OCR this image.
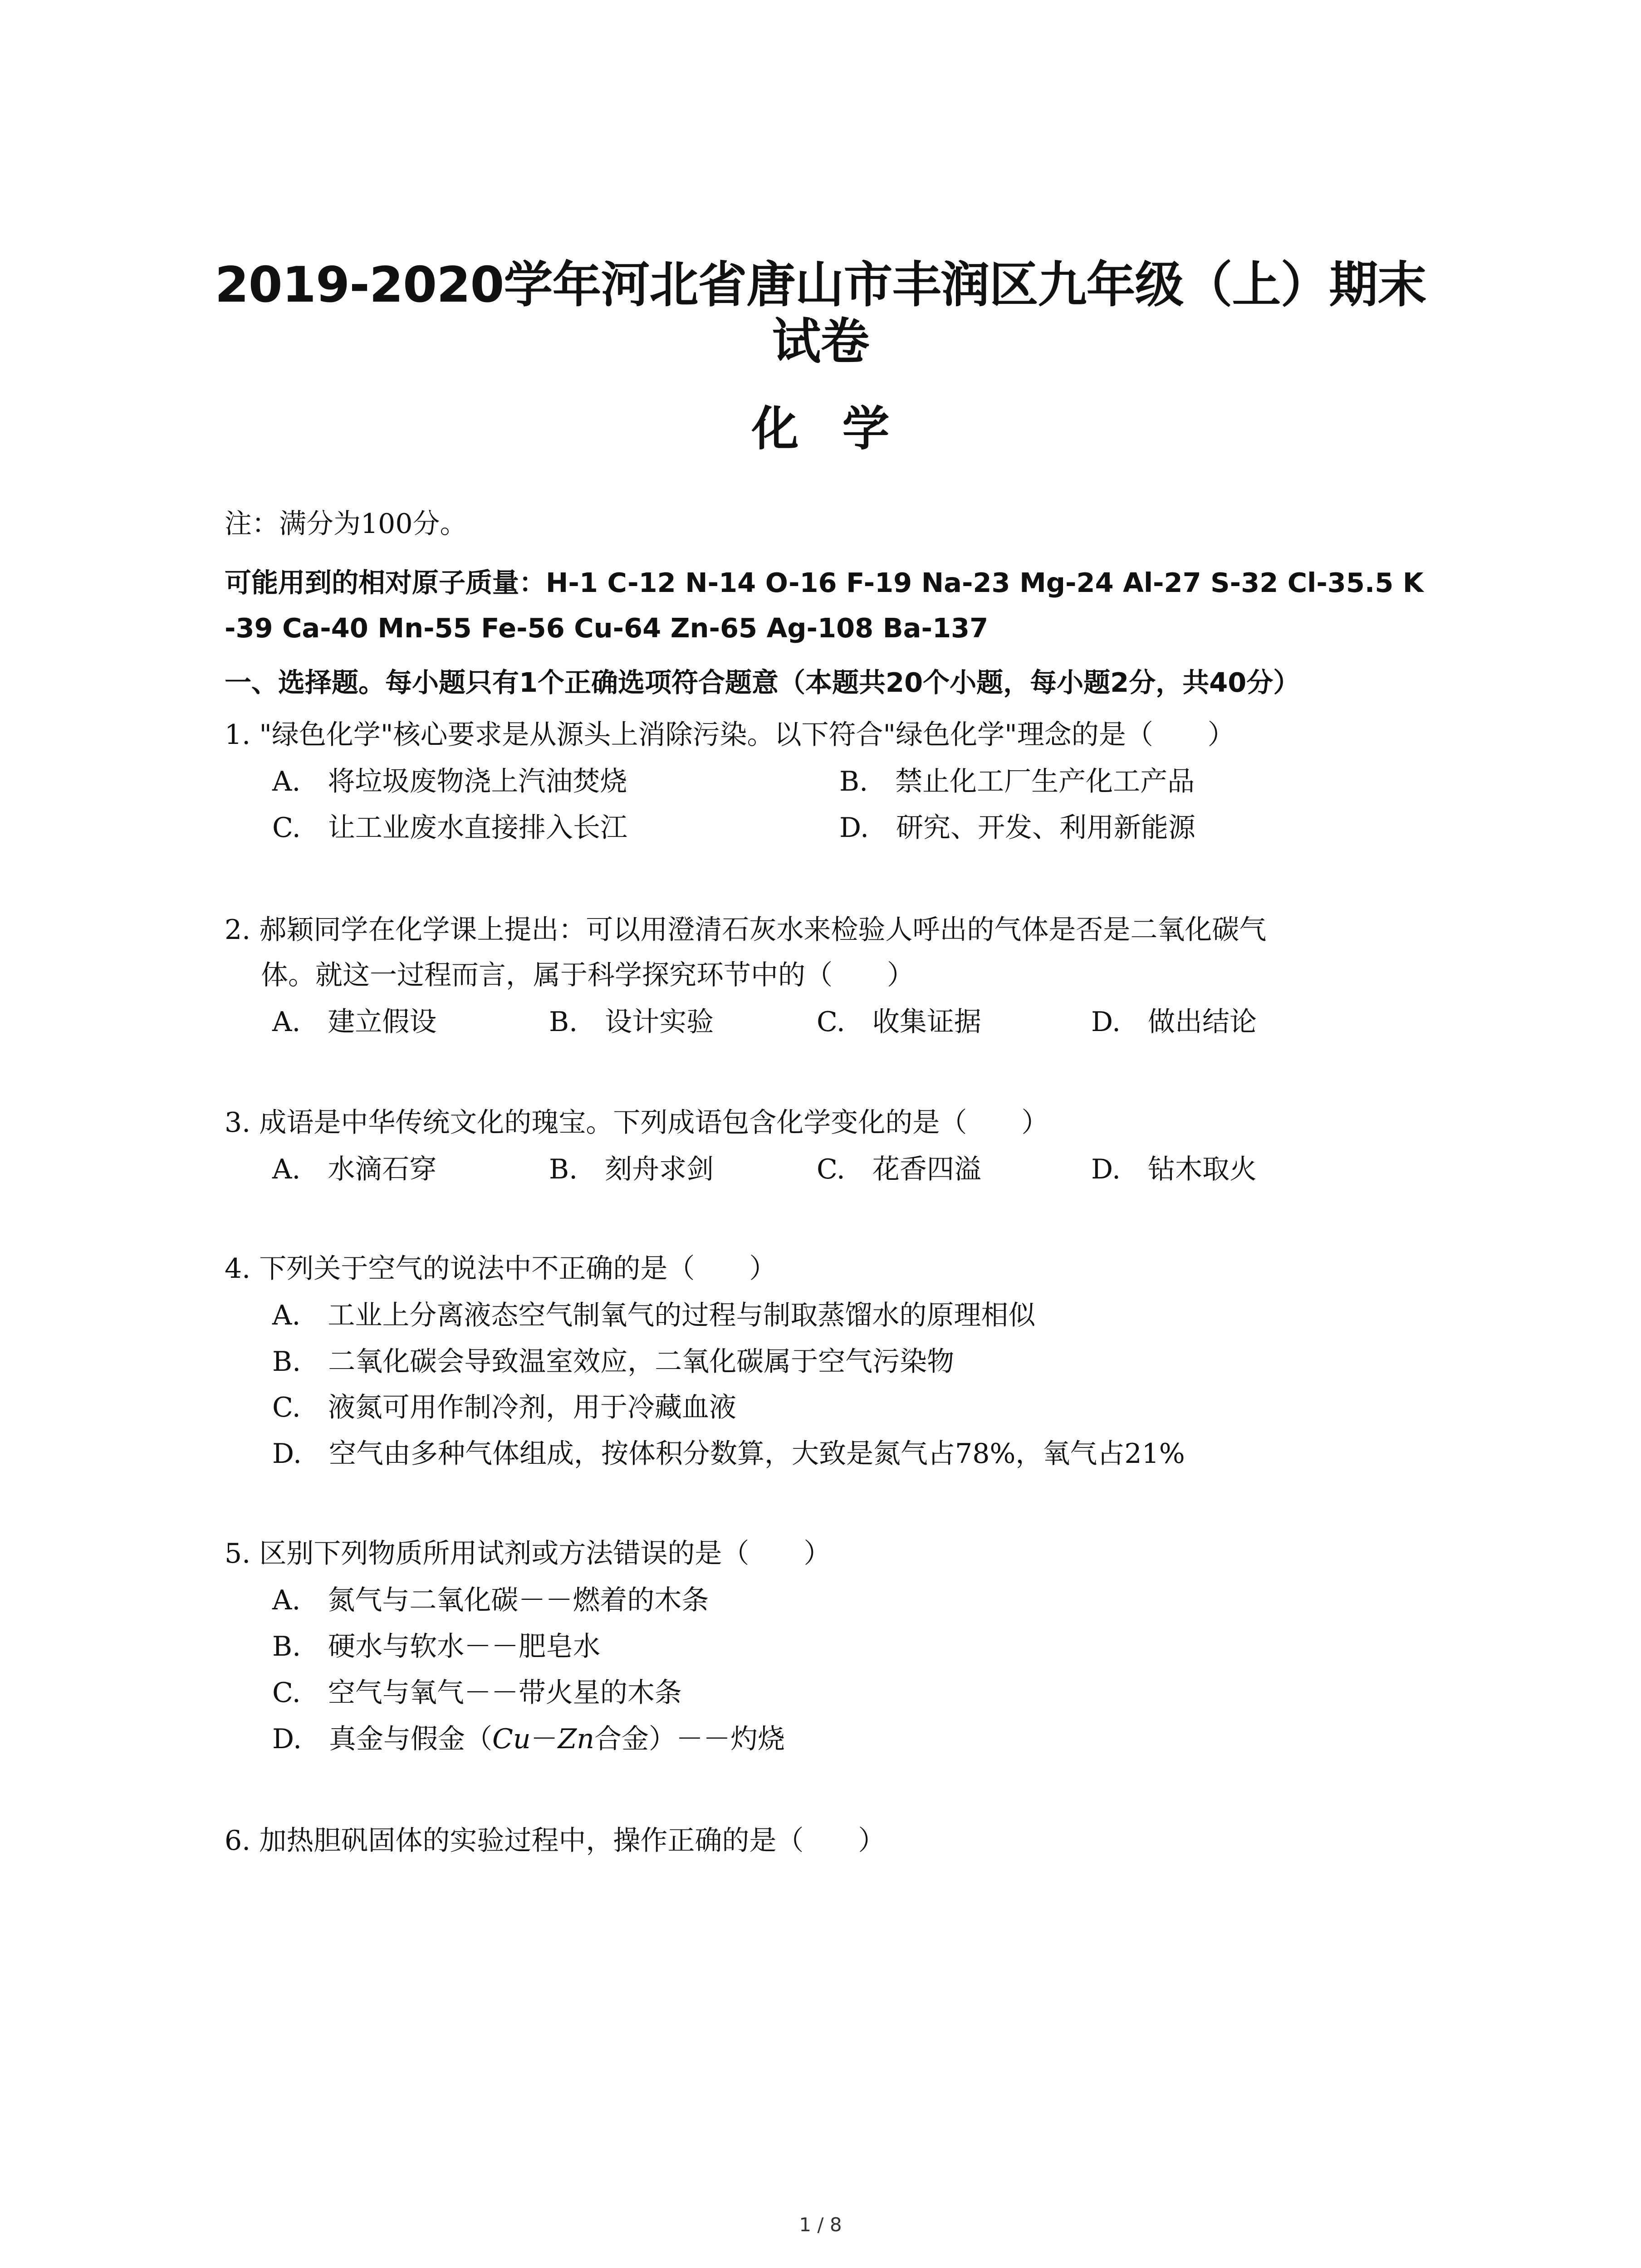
2019-2020学年河北省唐山市丰润区九年级（上）期末
试卷
化 学
注：满分为100分。
可能用到的相对原子质量：H-1 C-12 N-14 O-16 F-19 Na-23 Mg-24 Al-27 S-32 Cl-35.5 K
-39 Ca-40 Mn-55 Fe-56 Cu-64 Zn-65 Ag-108 Ba-137
一、选择题。每小题只有1个正确选项符合题意（本题共20个小题，每小题2分，共40分）
1. "绿色化学"核心要求是从源头上消除污染。以下符合"绿色化学"理念的是（　　）
A.　将垃圾废物浇上汽油焚烧	B.　禁止化工厂生产化工产品
C.　让工业废水直接排入长江	D.　研究、开发、利用新能源
2. 郝颖同学在化学课上提出：可以用澄清石灰水来检验人呼出的气体是否是二氧化碳气
体。就这一过程而言，属于科学探究环节中的（　　）
A.　建立假设	B.　设计实验	C.　收集证据	D.　做出结论
3. 成语是中华传统文化的瑰宝。下列成语包含化学变化的是（　　）
A.　水滴石穿	B.　刻舟求剑	C.　花香四溢	D.　钻木取火
4. 下列关于空气的说法中不正确的是（　　）
A.　工业上分离液态空气制氧气的过程与制取蒸馏水的原理相似
B.　二氧化碳会导致温室效应，二氧化碳属于空气污染物
C.　液氮可用作制冷剂，用于冷藏血液
D.　空气由多种气体组成，按体积分数算，大致是氮气占78%，氧气占21%
5. 区别下列物质所用试剂或方法错误的是（　　）
A.　氮气与二氧化碳－－燃着的木条
B.　硬水与软水－－肥皂水
C.　空气与氧气－－带火星的木条
D.　真金与假金（Cu－Zn合金）－－灼烧
6. 加热胆矾固体的实验过程中，操作正确的是（　　）
1 / 8
